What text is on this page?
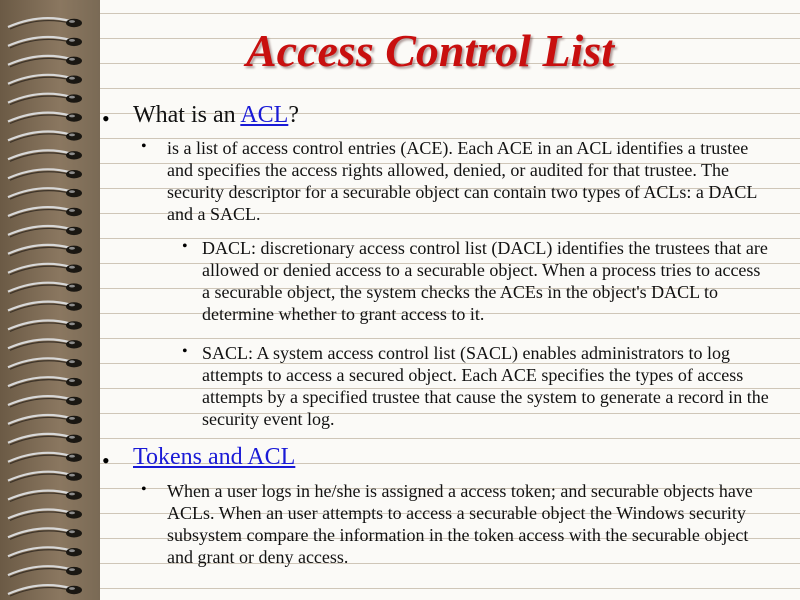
Access Control List
• What is an ACL?

• is a list of access control entries (ACE). Each ACE in an ACL identifies a trustee and specifies the access rights allowed, denied, or audited for that trustee. The security descriptor for a securable object can contain two types of ACLs: a DACL and a SACL.

• DACL: discretionary access control list (DACL) identifies the trustees that are allowed or denied access to a securable object. When a process tries to access a securable object, the system checks the ACEs in the object's DACL to determine whether to grant access to it.

• SACL: A system access control list (SACL) enables administrators to log attempts to access a secured object. Each ACE specifies the types of access attempts by a specified trustee that cause the system to generate a record in the security event log.

• Tokens and ACL

• When a user logs in he/she is assigned a access token; and securable objects have ACLs. When an user attempts to access a securable object the Windows security subsystem compare the information in the token access with the securable object and grant or deny access.
